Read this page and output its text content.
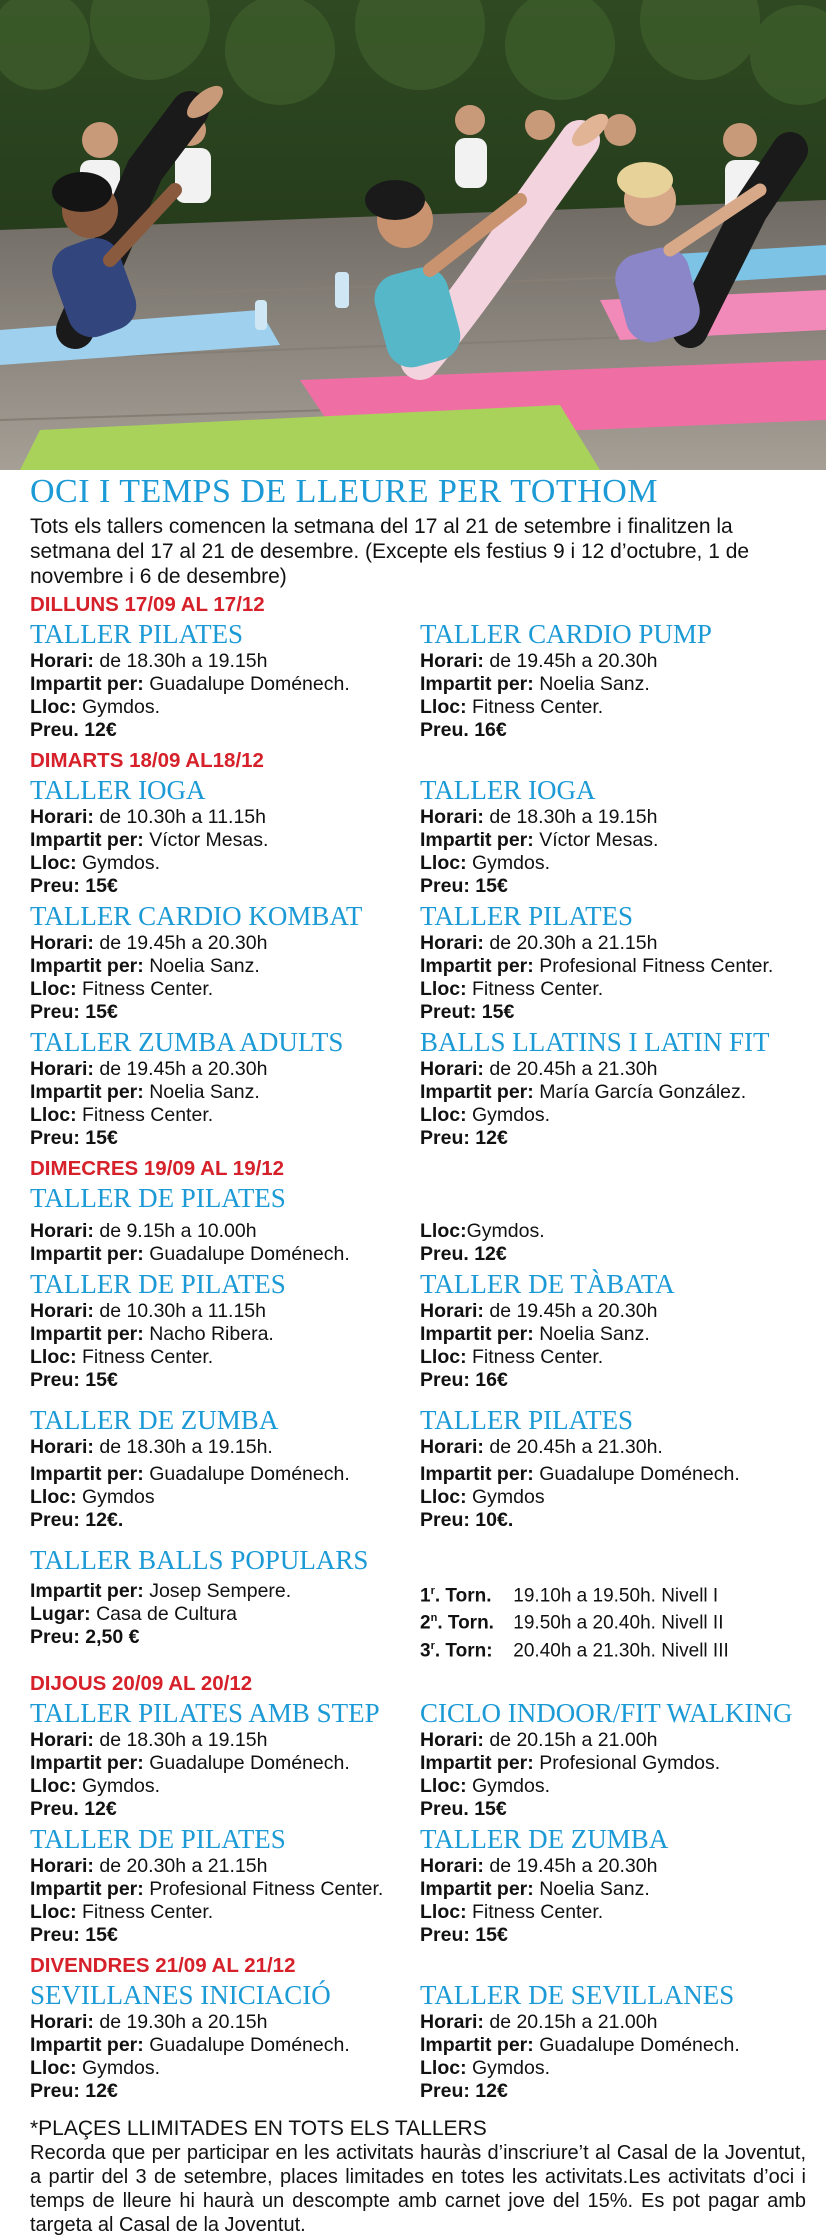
OCI I TEMPS DE LLEURE PER TOTHOM
Tots els tallers comencen la setmana del 17 al 21 de setembre i finalitzen la setmana del 17 al 21 de desembre. (Excepte els festius 9 i 12 d’octubre, 1 de novembre i 6 de desembre)
DILLUNS 17/09 AL 17/12
TALLER PILATES
Horari: de 18.30h a 19.15h
Impartit per: Guadalupe Doménech.
Lloc: Gymdos.
Preu. 12€
TALLER CARDIO PUMP
Horari: de 19.45h a 20.30h
Impartit per: Noelia Sanz.
Lloc: Fitness Center.
Preu. 16€
DIMARTS 18/09 AL18/12
TALLER IOGA
Horari: de 10.30h a 11.15h
Impartit per: Víctor Mesas.
Lloc: Gymdos.
Preu: 15€
TALLER IOGA
Horari: de 18.30h a 19.15h
Impartit per: Víctor Mesas.
Lloc: Gymdos.
Preu: 15€
TALLER CARDIO KOMBAT
Horari: de 19.45h a 20.30h
Impartit per: Noelia Sanz.
Lloc: Fitness Center.
Preu: 15€
TALLER PILATES
Horari: de 20.30h a 21.15h
Impartit per: Profesional Fitness Center.
Lloc: Fitness Center.
Preut: 15€
TALLER ZUMBA ADULTS
Horari: de 19.45h a 20.30h
Impartit per: Noelia Sanz.
Lloc: Fitness Center.
Preu: 15€
BALLS LLATINS I LATIN FIT
Horari: de 20.45h a 21.30h
Impartit per: María García González.
Lloc: Gymdos.
Preu: 12€
DIMECRES 19/09 AL 19/12
TALLER DE PILATES
Horari: de 9.15h a 10.00h
Impartit per: Guadalupe Doménech.
Lloc:Gymdos.
Preu. 12€
TALLER DE PILATES
Horari: de 10.30h a 11.15h
Impartit per: Nacho Ribera.
Lloc: Fitness Center.
Preu: 15€
TALLER DE TÀBATA
Horari: de 19.45h a 20.30h
Impartit per: Noelia Sanz.
Lloc: Fitness Center.
Preu: 16€
TALLER DE ZUMBA
Horari: de 18.30h a 19.15h.
Impartit per: Guadalupe Doménech.
Lloc: Gymdos
Preu: 12€.
TALLER PILATES
Horari: de 20.45h a 21.30h.
Impartit per: Guadalupe Doménech.
Lloc: Gymdos
Preu: 10€.
TALLER BALLS POPULARS
Impartit per: Josep Sempere.
Lugar: Casa de Cultura
Preu: 2,50 €
1$^r$. Torn. 19.10h a 19.50h. Nivell I
2$^n$. Torn. 19.50h a 20.40h. Nivell II
3$^r$. Torn: 20.40h a 21.30h. Nivell III
DIJOUS 20/09 AL 20/12
TALLER PILATES AMB STEP
Horari: de 18.30h a 19.15h
Impartit per: Guadalupe Doménech.
Lloc: Gymdos.
Preu. 12€
CICLO INDOOR/FIT WALKING
Horari: de 20.15h a 21.00h
Impartit per: Profesional Gymdos.
Lloc: Gymdos.
Preu. 15€
TALLER DE PILATES
Horari: de 20.30h a 21.15h
Impartit per: Profesional Fitness Center.
Lloc: Fitness Center.
Preu: 15€
TALLER DE ZUMBA
Horari: de 19.45h a 20.30h
Impartit per: Noelia Sanz.
Lloc: Fitness Center.
Preu: 15€
DIVENDRES 21/09 AL 21/12
SEVILLANES INICIACIÓ
Horari: de 19.30h a 20.15h
Impartit per: Guadalupe Doménech.
Lloc: Gymdos.
Preu: 12€
TALLER DE SEVILLANES
Horari: de 20.15h a 21.00h
Impartit per: Guadalupe Doménech.
Lloc: Gymdos.
Preu: 12€
*PLAÇES LLIMITADES EN TOTS ELS TALLERS
Recorda que per participar en les activitats hauràs d’inscriure’t al Casal de la Joventut, a partir del 3 de setembre, places limitades en totes les activitats.Les activitats d’oci i temps de lleure hi haurà un descompte amb carnet jove del 15%. Es pot pagar amb targeta al Casal de la Joventut.
